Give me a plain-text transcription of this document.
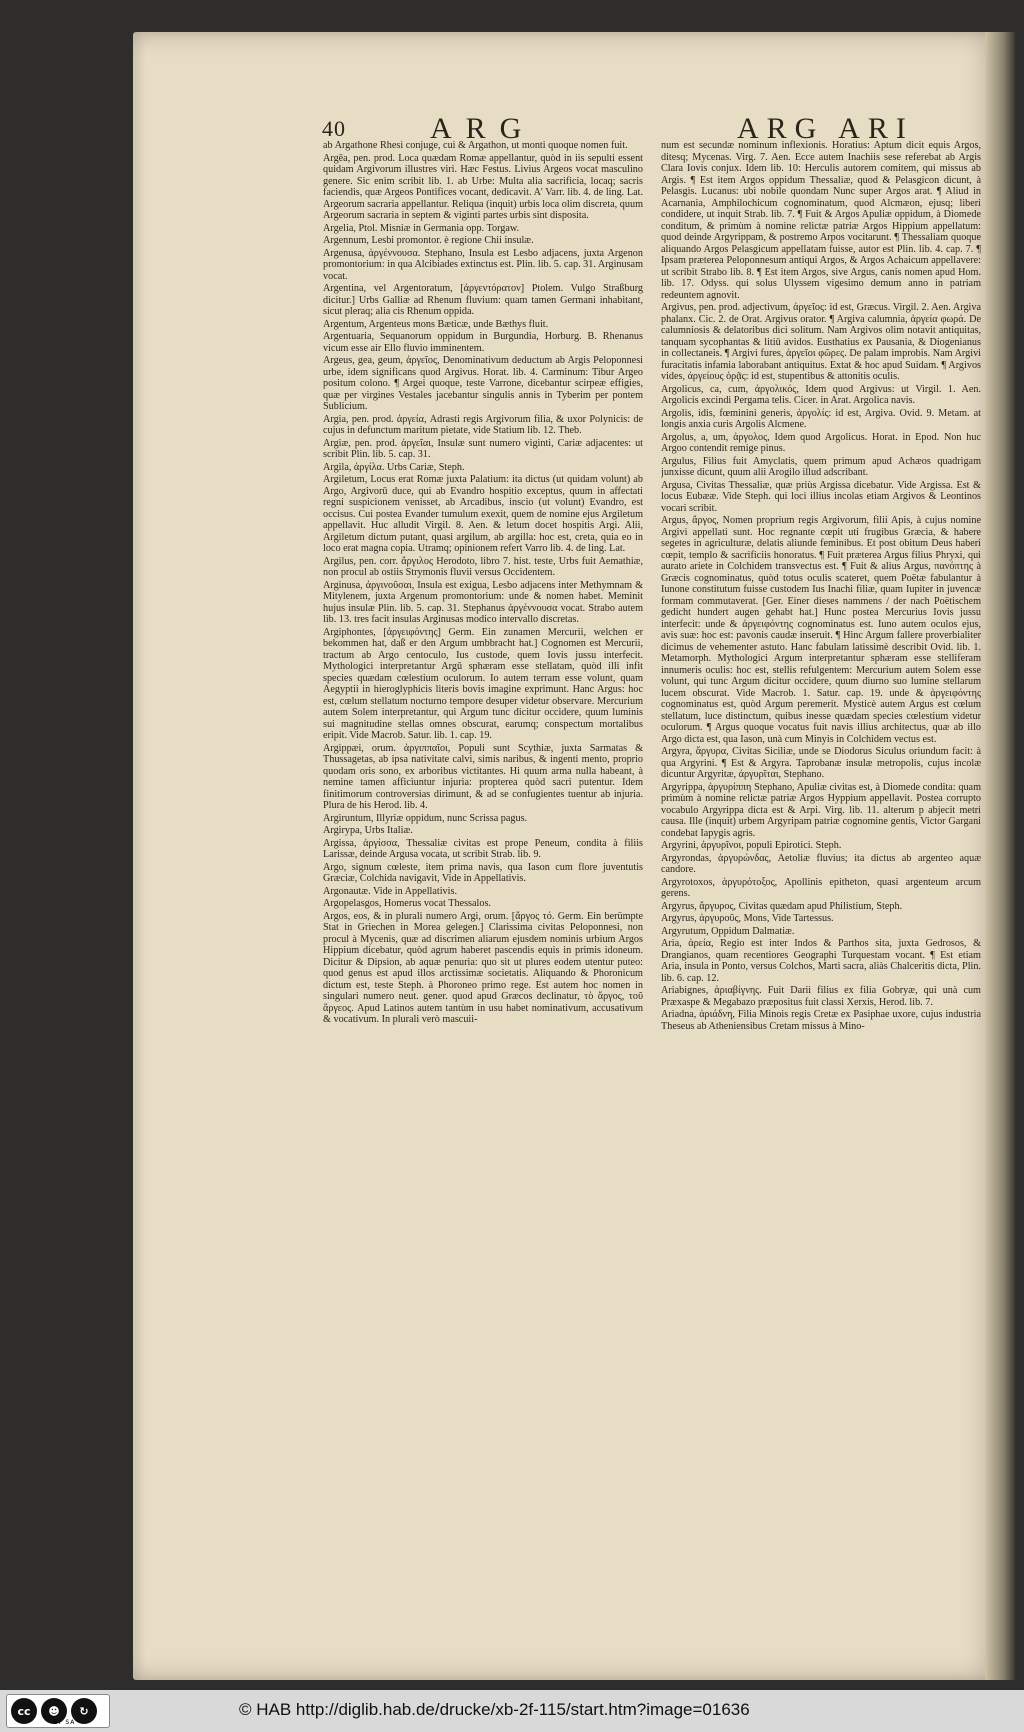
40	ARG	ARG ARI

ab Argathone Rhesi conjuge, cui & Argathon, ut monti quoque nomen fuit.

Argēa, pen. prod. Loca quædam Romæ appellantur, quòd in iis sepulti essent quidam Argivorum illustres viri. Hæc Festus. Livius Argeos vocat masculino genere. Sic enim scribit lib. 1. ab Urbe: Multa alia sacrificia, locaq; sacris faciendis, quæ Argeos Pontifices vocant, dedicavit. A' Varr. lib. 4. de ling. Lat. Argeorum sacraria appellantur. Reliqua (inquit) urbis loca olim discreta, quum Argeorum sacraria in septem & viginti partes urbis sint disposita.

Argelia, Ptol. Misniæ in Germania opp. Torgaw.

Argennum, Lesbi promontor. è regione Chii insulæ.

Argenusa, ἀργέννουσα. Stephano, Insula est Lesbo adjacens, juxta Argenon promontorium: in qua Alcibiades extinctus est. Plin. lib. 5. cap. 31. Arginusam vocat.

Argentina, vel Argentoratum, [ἀργεντόρατον] Ptolem. Vulgo Straßburg dicitur.] Urbs Galliæ ad Rhenum fluvium: quam tamen Germani inhabitant, sicut pleraq; alia cis Rhenum oppida.

Argentum, Argenteus mons Bæticæ, unde Bæthys fluit.

Argentuaria, Sequanorum oppidum in Burgundia, Horburg. B. Rhenanus vicum esse air Ello fluvio imminentem.

Argeus, gea, geum, ἀργεῖος, Denominativum deductum ab Argis Peloponnesi urbe, idem significans quod Argivus. Horat. lib. 4. Carminum: Tibur Argeo positum colono. ¶ Argei quoque, teste Varrone, dicebantur scirpeæ effigies, quæ per virgines Vestales jacebantur singulis annis in Tyberim per pontem Sublicium.

Argia, pen. prod. ἀργεία, Adrasti regis Argivorum filia, & uxor Polynicis: de cujus in defunctum maritum pietate, vide Statium lib. 12. Theb.

Argiæ, pen. prod. ἀργεῖαι, Insulæ sunt numero viginti, Cariæ adjacentes: ut scribit Plin. lib. 5. cap. 31.

Argila, ἀργίλα. Urbs Cariæ, Steph.

Argiletum, Locus erat Romæ juxta Palatium: ita dictus (ut quidam volunt) ab Argo, Argivorū duce, qui ab Evandro hospitio exceptus, quum in affectati regni suspicionem venisset, ab Arcadibus, inscio (ut volunt) Evandro, est occisus. Cui postea Evander tumulum exexit, quem de nomine ejus Argiletum appellavit. Huc alludit Virgil. 8. Aen. & letum docet hospitis Argi. Alii, Argiletum dictum putant, quasi argilum, ab argilla: hoc est, creta, quia eo in loco erat magna copia. Utramq; opinionem refert Varro lib. 4. de ling. Lat.

Argilus, pen. corr. ἄργιλος Herodoto, libro 7. hist. teste, Urbs fuit Aemathiæ, non procul ab ostiis Strymonis fluvii versus Occidentem.

Arginusa, ἀργινοῦσαι, Insula est exigua, Lesbo adjacens inter Methymnam & Mitylenem, juxta Argenum promontorium: unde & nomen habet. Meminit hujus insulæ Plin. lib. 5. cap. 31. Stephanus ἀργέννουσα vocat. Strabo autem lib. 13. tres facit insulas Arginusas modico intervallo discretas.

Argiphontes, [ἀργειφόντης] Germ. Ein zunamen Mercurii, welchen er bekommen hat, daß er den Argum umbbracht hat.] Cognomen est Mercurii, tractum ab Argo centoculo, Ius custode, quem Iovis jussu interfecit. Mythologici interpretantur Argū sphæram esse stellatam, quòd illi infit species quædam cœlestium oculorum. Io autem terram esse volunt, quam Aegyptii in hieroglyphicis literis bovis imagine exprimunt. Hanc Argus: hoc est, cœlum stellatum nocturno tempore desuper videtur observare. Mercurium autem Solem interpretantur, qui Argum tunc dicitur occidere, quum luminis sui magnitudine stellas omnes obscurat, earumq; conspectum mortalibus eripit. Vide Macrob. Satur. lib. 1. cap. 19.

Argippæi, orum. ἀργιππαῖοι, Populi sunt Scythiæ, juxta Sarmatas & Thussagetas, ab ipsa nativitate calvi, simis naribus, & ingenti mento, proprio quodam oris sono, ex arboribus victitantes. Hi quum arma nulla habeant, à nemine tamen afficiuntur injuria: propterea quòd sacri putentur. Idem finitimorum controversias dirimunt, & ad se confugientes tuentur ab injuria. Plura de his Herod. lib. 4.

Argiruntum, Illyriæ oppidum, nunc Scrissa pagus.

Argirypa, Urbs Italiæ.

Argissa, ἀργίσσα, Thessaliæ civitas est prope Peneum, condita à filiis Larissæ, deinde Argusa vocata, ut scribit Strab. lib. 9.

Argo, signum cœleste, item prima navis, qua Iason cum flore juventutis Græciæ, Colchida navigavit, Vide in Appellativis.

Argonautæ. Vide in Appellativis.

Argopelasgos, Homerus vocat Thessalos.

Argos, eos, & in plurali numero Argi, orum. [ἄργος τό. Germ. Ein berümpte Stat in Griechen in Morea gelegen.] Clarissima civitas Peloponnesi, non procul à Mycenis, quæ ad discrimen aliarum ejusdem nominis urbium Argos Hippium dicebatur, quòd agrum haberet pascendis equis in primis idoneum. Dicitur & Dipsion, ab aquæ penuria: quo sit ut plures eodem utentur puteo: quod genus est apud illos arctissimæ societatis. Aliquando & Phoronicum dictum est, teste Steph. à Phoroneo primo rege. Est autem hoc nomen in singulari numero neut. gener. quod apud Græcos declinatur, τὸ ἄργος, τοῦ ἄργεος. Apud Latinos autem tantùm in usu habet nominativum, accusativum & vocativum. In plurali verò mascuii-

num est secundæ nominum inflexionis. Horatius: Aptum dicit equis Argos, ditesq; Mycenas. Virg. 7. Aen. Ecce autem Inachiis sese referebat ab Argis Clara Iovis conjux. Idem lib. 10: Herculis autorem comitem, qui missus ab Argis. ¶ Est item Argos oppidum Thessaliæ, quod & Pelasgicon dicunt, à Pelasgis. Lucanus: ubi nobile quondam Nunc super Argos arat. ¶ Aliud in Acarnania, Amphilochicum cognominatum, quod Alcmæon, ejusq; liberi condidere, ut inquit Strab. lib. 7. ¶ Fuit & Argos Apuliæ oppidum, à Diomede conditum, & primùm à nomine relictæ patriæ Argos Hippium appellatum: quod deinde Argyrippam, & postremo Arpos vocitarunt. ¶ Thessaliam quoque aliquando Argos Pelasgicum appellatam fuisse, autor est Plin. lib. 4. cap. 7. ¶ Ipsam præterea Peloponnesum antiqui Argos, & Argos Achaicum appellavere: ut scribit Strabo lib. 8. ¶ Est item Argos, sive Argus, canis nomen apud Hom. lib. 17. Odyss. qui solus Ulyssem vigesimo demum anno in patriam redeuntem agnovit.

Argivus, pen. prod. adjectivum, ἀργεῖος: id est, Græcus. Virgil. 2. Aen. Argiva phalanx. Cic. 2. de Orat. Argivus orator. ¶ Argiva calumnia, ἀργεία φωρά. De calumniosis & delatoribus dici solitum. Nam Argivos olim notavit antiquitas, tanquam sycophantas & litiū avidos. Eusthatius ex Pausania, & Diogenianus in collectaneis. ¶ Argivi fures, ἀργεῖοι φῶρες. De palam improbis. Nam Argivi furacitatis infamia laborabant antiquitus. Extat & hoc apud Suidam. ¶ Argivos vides, ἀργείους ὁρᾷς: id est, stupentibus & attonitis oculis.

Argolicus, ca, cum, ἀργολικός, Idem quod Argivus: ut Virgil. 1. Aen. Argolicis excindi Pergama telis. Cicer. in Arat. Argolica navis.

Argolis, idis, fœminini generis, ἀργολίς: id est, Argiva. Ovid. 9. Metam. at longis anxia curis Argolis Alcmene.

Argolus, a, um, ἀργολος, Idem quod Argolicus. Horat. in Epod. Non huc Argoo contendit remige pinus.

Argulus, Filius fuit Amyclatis, quem primum apud Achæos quadrigam junxisse dicunt, quum alii Arogilo illud adscribant.

Argusa, Civitas Thessaliæ, quæ priùs Argissa dicebatur. Vide Argissa. Est & locus Eubææ. Vide Steph. qui loci illius incolas etiam Argivos & Leontinos vocari scribit.

Argus, ἄργος, Nomen proprium regis Argivorum, filii Apis, à cujus nomine Argivi appellati sunt. Hoc regnante cœpit uti frugibus Græcia, & habere segetes in agriculturæ, delatis aliunde feminibus. Et post obitum Deus haberi cœpit, templo & sacrificiis honoratus. ¶ Fuit præterea Argus filius Phryxi, qui aurato ariete in Colchidem transvectus est. ¶ Fuit & alius Argus, πανόπτης à Græcis cognominatus, quòd totus oculis scateret, quem Poëtæ fabulantur à Iunone constitutum fuisse custodem Ius Inachi filiæ, quam Iupiter in juvencæ formam commutaverat. [Ger. Einer dieses nammens / der nach Poëtischem gedicht hundert augen gehabt hat.] Hunc postea Mercurius Iovis jussu interfecit: unde & ἀργειφόντης cognominatus est. Iuno autem oculos ejus, avis suæ: hoc est: pavonis caudæ inseruit. ¶ Hinc Argum fallere proverbialiter dicimus de vehementer astuto. Hanc fabulam latissimè describit Ovid. lib. 1. Metamorph. Mythologici Argum interpretantur sphæram esse stelliferam innumeris oculis: hoc est, stellis refulgentem: Mercurium autem Solem esse volunt, qui tunc Argum dicitur occidere, quum diurno suo lumine stellarum lucem obscurat. Vide Macrob. 1. Satur. cap. 19. unde & ἀργειφόντης cognominatus est, quòd Argum peremerit. Mysticè autem Argus est cœlum stellatum, luce distinctum, quibus inesse quædam species cœlestium videtur oculorum. ¶ Argus quoque vocatus fuit navis illius architectus, quæ ab illo Argo dicta est, qua Iason, unà cum Minyis in Colchidem vectus est.

Argyra, ἄργυρα, Civitas Siciliæ, unde se Diodorus Siculus oriundum facit: à qua Argyrini. ¶ Est & Argyra. Taprobanæ insulæ metropolis, cujus incolæ dicuntur Argyritæ, ἀργυρῖται, Stephano.

Argyrippa, ἀργυρίππη Stephano, Apuliæ civitas est, à Diomede condita: quam primùm à nomine relictæ patriæ Argos Hyppium appellavit. Postea corrupto vocabulo Argyrippa dicta est & Arpi. Virg. lib. 11. alterum p abjecit metri causa. Ille (inquit) urbem Argyripam patriæ cognomine gentis, Victor Gargani condebat Iapygis agris.

Argyrini, ἀργυρῖνοι, populi Epirotici. Steph.

Argyrondas, ἀργυρώνδας, Aetoliæ fluvius; ita dictus ab argenteo aquæ candore.

Argyrotoxos, ἀργυρότοξος, Apollinis epitheton, quasi argenteum arcum gerens.

Argyrus, ἄργυρος, Civitas quædam apud Philistium, Steph.

Argyrus, ἀργυροῦς, Mons, Vide Tartessus.

Argyrutum, Oppidum Dalmatiæ.

Aria, ἀρεία, Regio est inter Indos & Parthos sita, juxta Gedrosos, & Drangianos, quam recentiores Geographi Turquestam vocant. ¶ Est etiam Aria, insula in Ponto, versus Colchos, Marti sacra, aliàs Chalceritis dicta, Plin. lib. 6. cap. 12.

Ariabignes, ἀριαβίγνης. Fuit Darii filius ex filia Gobryæ, qui unà cum Præxaspe & Megabazo præpositus fuit classi Xerxis, Herod. lib. 7.

Ariadna, ἀριάδνη, Filia Minois regis Cretæ ex Pasiphae uxore, cujus industria Theseus ab Atheniensibus Cretam missus à Mino-

cc	☻	↻
BY SA
© HAB http://diglib.hab.de/drucke/xb-2f-115/start.htm?image=01636
